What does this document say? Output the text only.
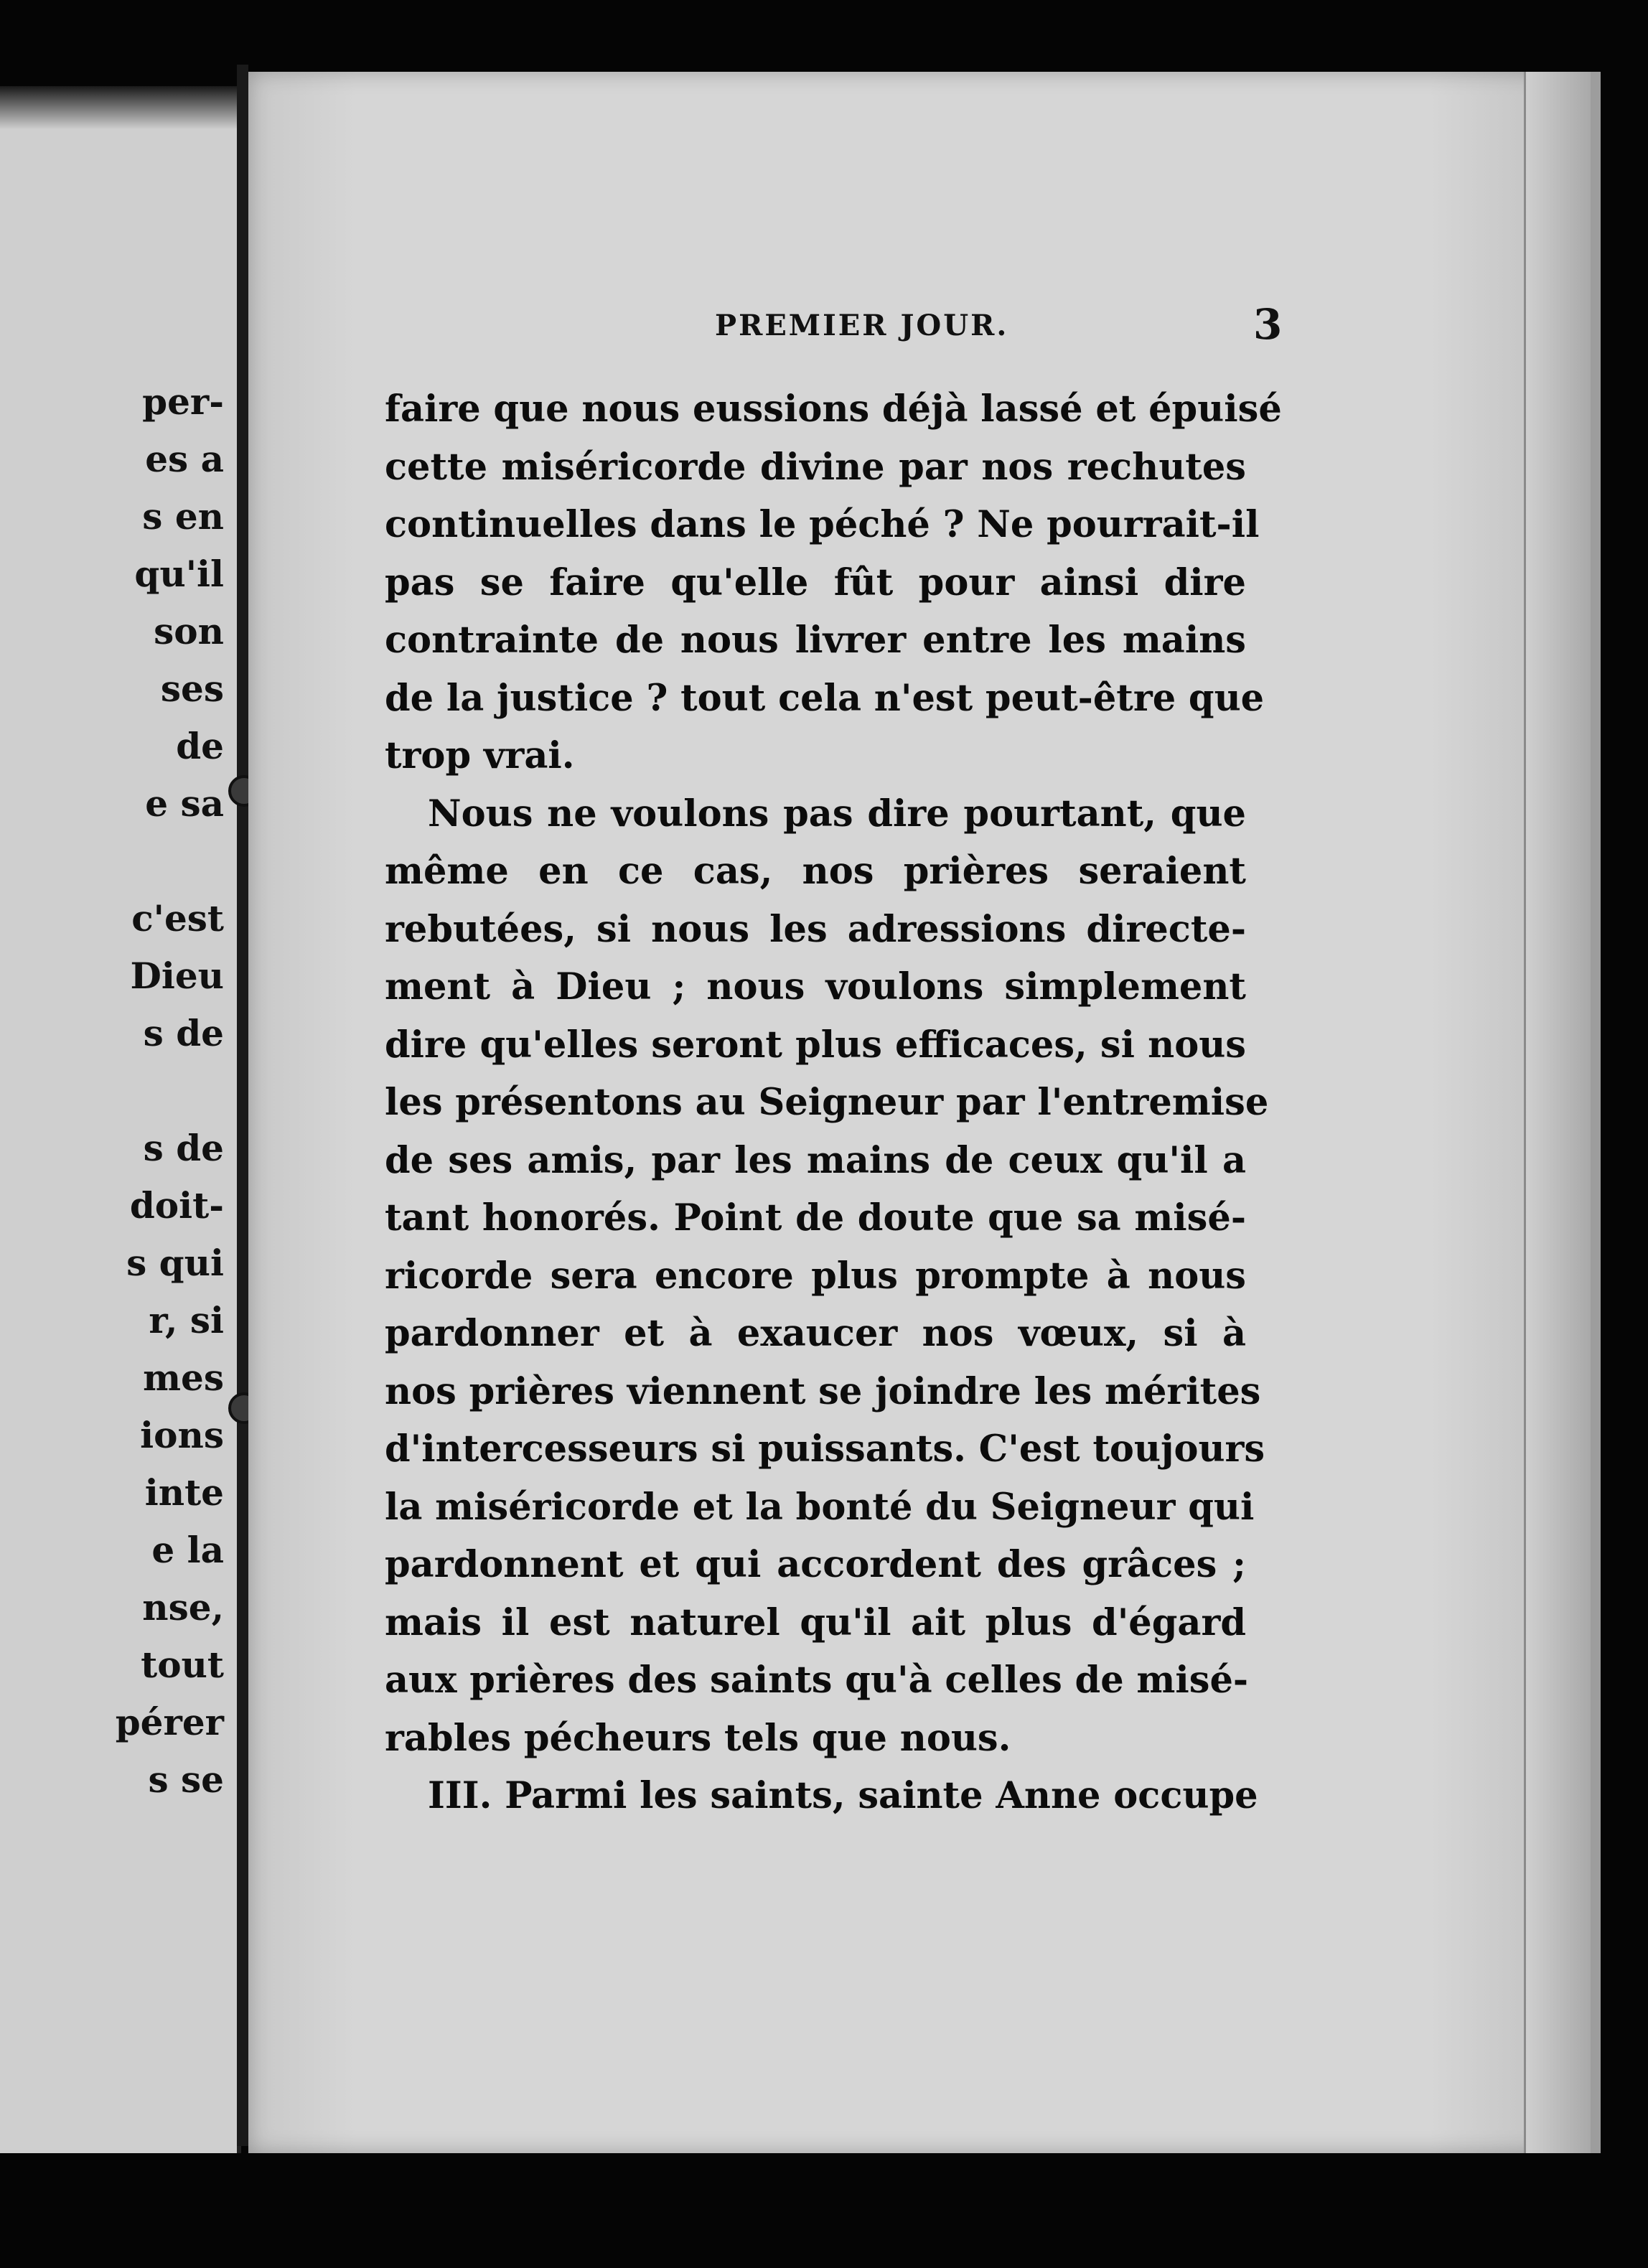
per-
es a
s en
qu'il
son
ses
de
e sa
c'est
Dieu
s de
s de
doit-
s qui
r, si
mes
ions
inte
e la
nse,
tout
pérer
s se
PREMIER JOUR.	3
faire que nous eussions déjà lassé et épuisé
cette miséricorde divine par nos rechutes
continuelles dans le péché ? Ne pourrait-il
pas se faire qu'elle fût pour ainsi dire
contrainte de nous livrer entre les mains
de la justice ? tout cela n'est peut-être que
trop vrai.
Nous ne voulons pas dire pourtant, que
même en ce cas, nos prières seraient
rebutées, si nous les adressions directe-
ment à Dieu ; nous voulons simplement
dire qu'elles seront plus efficaces, si nous
les présentons au Seigneur par l'entremise
de ses amis, par les mains de ceux qu'il a
tant honorés. Point de doute que sa misé-
ricorde sera encore plus prompte à nous
pardonner et à exaucer nos vœux, si à
nos prières viennent se joindre les mérites
d'intercesseurs si puissants. C'est toujours
la miséricorde et la bonté du Seigneur qui
pardonnent et qui accordent des grâces ;
mais il est naturel qu'il ait plus d'égard
aux prières des saints qu'à celles de misé-
rables pécheurs tels que nous.
III. Parmi les saints, sainte Anne occupe
